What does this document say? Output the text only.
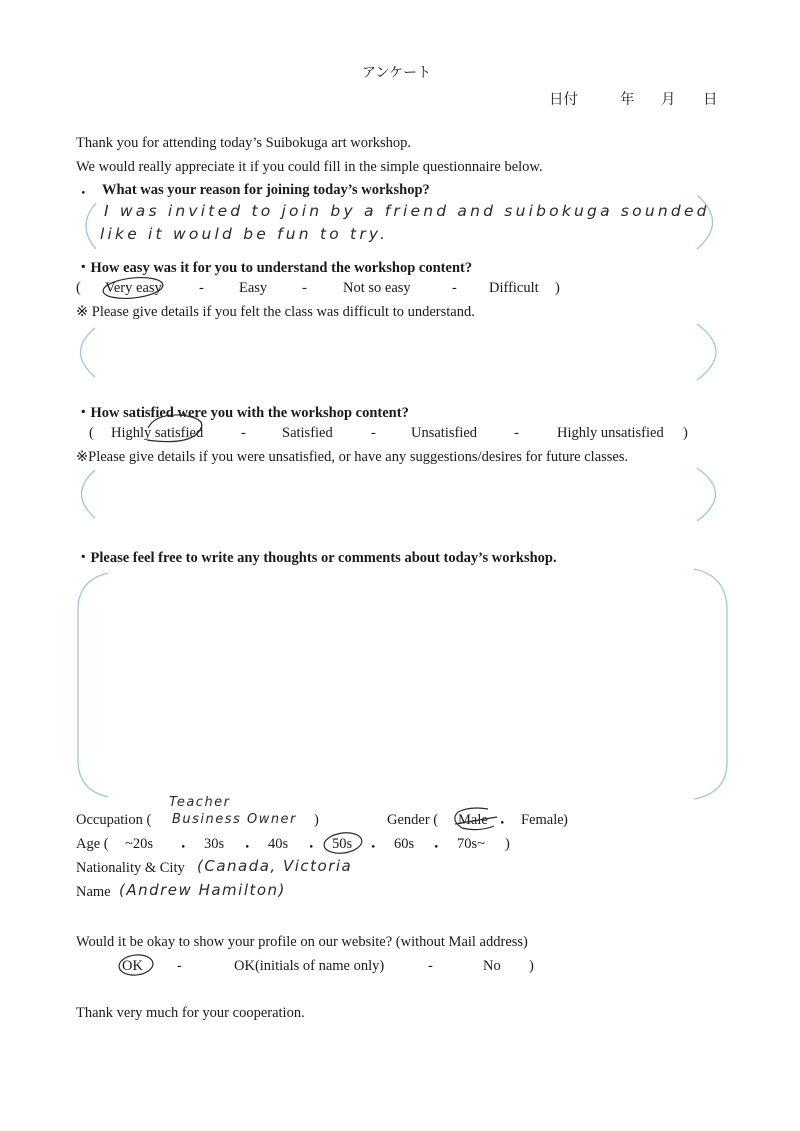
アンケート
日付	年 月 日
Thank you for attending today’s Suibokuga art workshop.
We would really appreciate it if you could fill in the simple questionnaire below.
・ What was your reason for joining today’s workshop?
I was invited to join by a friend and suibokuga sounded
like it would be fun to try.
・How easy was it for you to understand the workshop content?
( Very easy	- Easy - Not so easy	- Difficult )
※ Please give details if you felt the class was difficult to understand.
・How satisfied were you with the workshop content?
( Highly satisfied	- Satisfied	- Unsatisfied	-	Highly unsatisfied )
※Please give details if you were unsatisfied, or have any suggestions/desires for future classes.
・Please feel free to write any thoughts or comments about today’s workshop.
Occupation (
Teacher
Business Owner )	Gender ( Male ・ Female )
Age ( ~20s	30s	40s	50s	60s	70s~
・	・	・	・	・	)
Nationality & City (Canada, Victoria
Name (Andrew Hamilton)
Would it be okay to show your profile on our website? (without Mail address)
OK -	OK(initials of name only)	-	No )
Thank very much for your cooperation.
